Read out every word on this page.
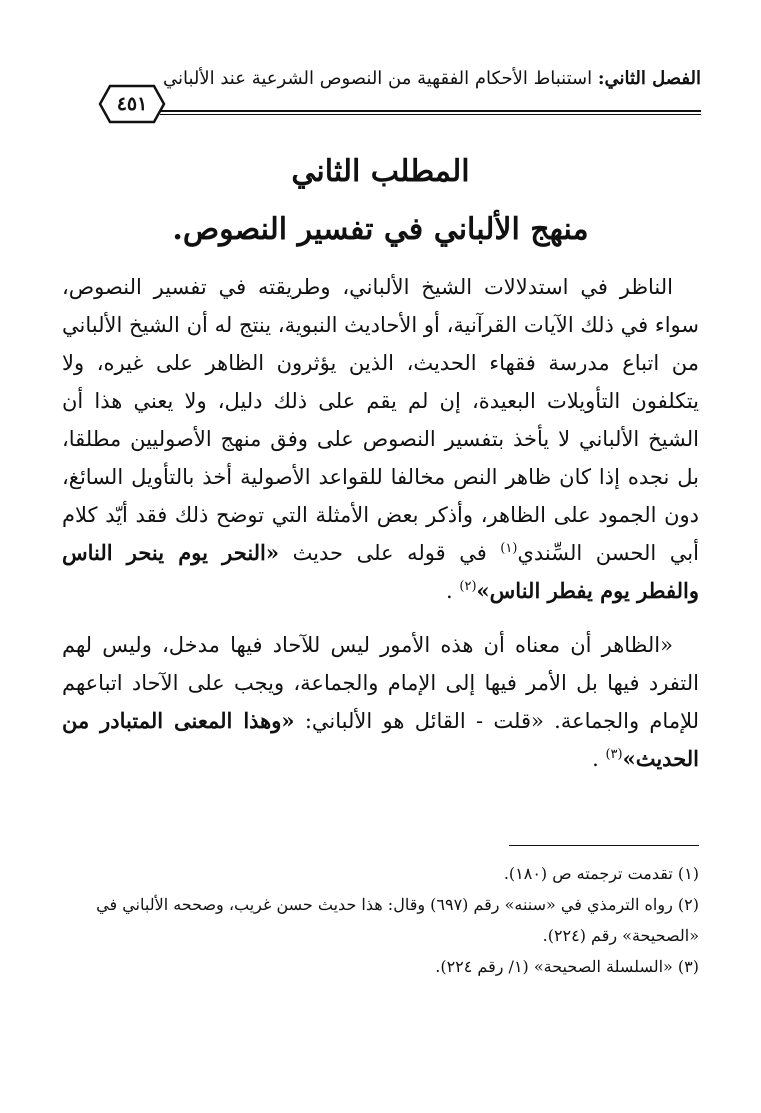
الفصل الثاني: استنباط الأحكام الفقهية من النصوص الشرعية عند الألباني
٤٥١
المطلب الثاني
منهج الألباني في تفسير النصوص.

الناظر في استدلالات الشيخ الألباني، وطريقته في تفسير النصوص، سواء في ذلك الآيات القرآنية، أو الأحاديث النبوية، ينتج له أن الشيخ الألباني من اتباع مدرسة فقهاء الحديث، الذين يؤثرون الظاهر على غيره، ولا يتكلفون التأويلات البعيدة، إن لم يقم على ذلك دليل، ولا يعني هذا أن الشيخ الألباني لا يأخذ بتفسير النصوص على وفق منهج الأصوليين مطلقا، بل نجده إذا كان ظاهر النص مخالفا للقواعد الأصولية أخذ بالتأويل السائغ، دون الجمود على الظاهر، وأذكر بعض الأمثلة التي توضح ذلك فقد أيّد كلام أبي الحسن السِّندي$^{(١)}$ في قوله على حديث «النحر يوم ينحر الناس والفطر يوم يفطر الناس»$^{(٢)}$ .

«الظاهر أن معناه أن هذه الأمور ليس للآحاد فيها مدخل، وليس لهم التفرد فيها بل الأمر فيها إلى الإمام والجماعة، ويجب على الآحاد اتباعهم للإمام والجماعة. «قلت - القائل هو الألباني: «وهذا المعنى المتبادر من الحديث»$^{(٣)}$ .

(١) تقدمت ترجمته ص (١٨٠).

(٢) رواه الترمذي في «سننه» رقم (٦٩٧) وقال: هذا حديث حسن غريب، وصححه الألباني في «الصحيحة» رقم (٢٢٤).

(٣) «السلسلة الصحيحة» (١/ رقم ٢٢٤).
